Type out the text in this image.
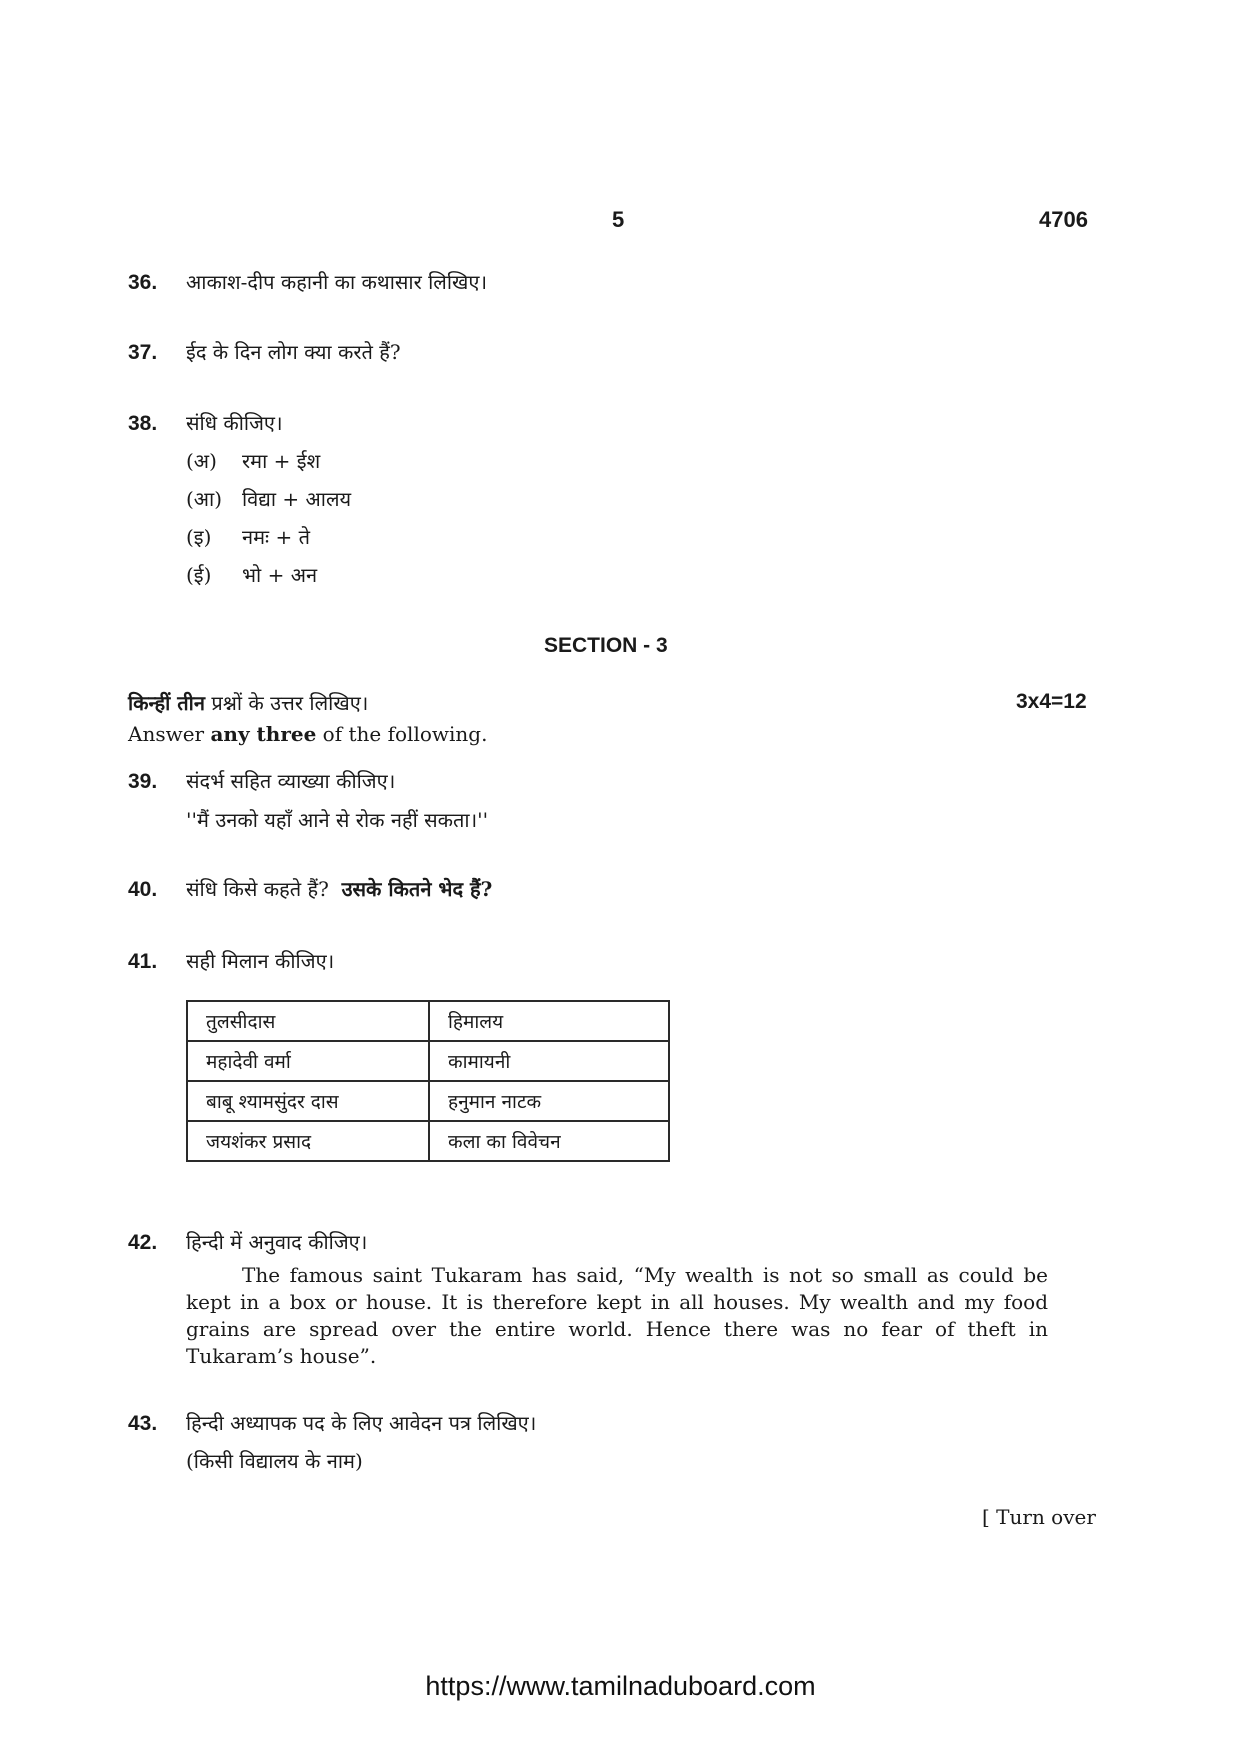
5	4706
36. आकाश-दीप कहानी का कथासार लिखिए।
37. ईद के दिन लोग क्या करते हैं?
38. संधि कीजिए।
(अ) रमा + ईश
(आ) विद्या + आलय
(इ) नमः + ते
(ई) भो + अन
SECTION - 3
किन्हीं तीन प्रश्नों के उत्तर लिखिए।	3x4=12
Answer any three of the following.
39. संदर्भ सहित व्याख्या कीजिए।
''मैं उनको यहाँ आने से रोक नहीं सकता।''
40. संधि किसे कहते हैं? उसके कितने भेद हैं?
41. सही मिलान कीजिए।
तुलसीदास	हिमालय
महादेवी वर्मा	कामायनी
बाबू श्यामसुंदर दास	हनुमान नाटक
जयशंकर प्रसाद	कला का विवेचन
42. हिन्दी में अनुवाद कीजिए।
The famous saint Tukaram has said, “My wealth is not so small as could be kept in a box or house. It is therefore kept in all houses. My wealth and my food grains are spread over the entire world. Hence there was no fear of theft in Tukaram’s house”.
43. हिन्दी अध्यापक पद के लिए आवेदन पत्र लिखिए।
(किसी विद्यालय के नाम)
[ Turn over
https://www.tamilnaduboard.com
